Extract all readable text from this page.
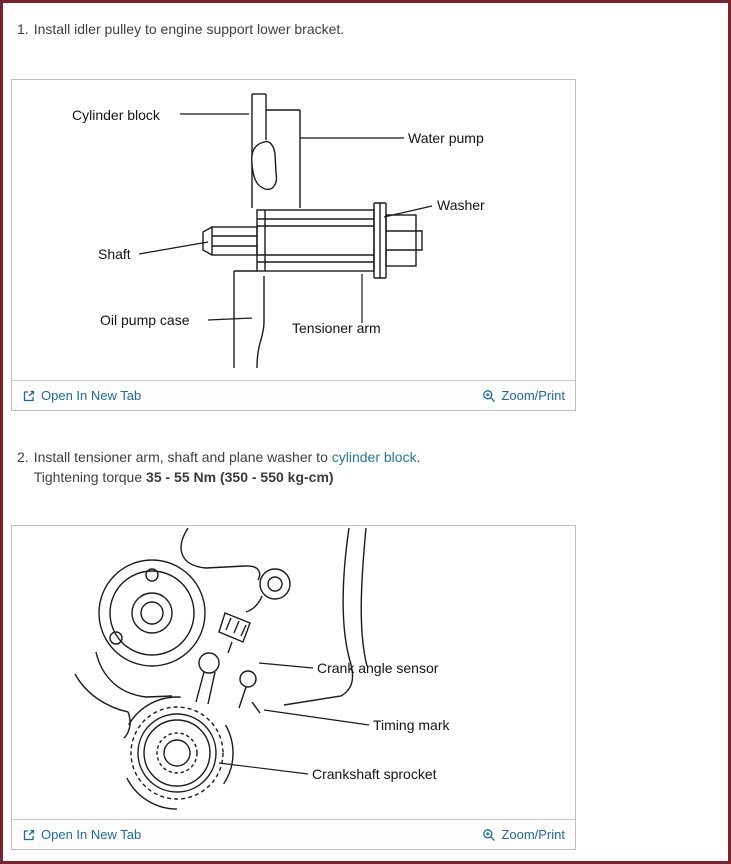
1. Install idler pulley to engine support lower bracket.
Cylinder block
Water pump
Washer
Shaft
Oil pump case	Tensioner arm
Open In New Tab	Zoom/Print
2. Install tensioner arm, shaft and plane washer to cylinder block.
Tightening torque 35 - 55 Nm (350 - 550 kg-cm)
Crank angle sensor
Timing mark
Crankshaft sprocket
Open In New Tab	Zoom/Print
